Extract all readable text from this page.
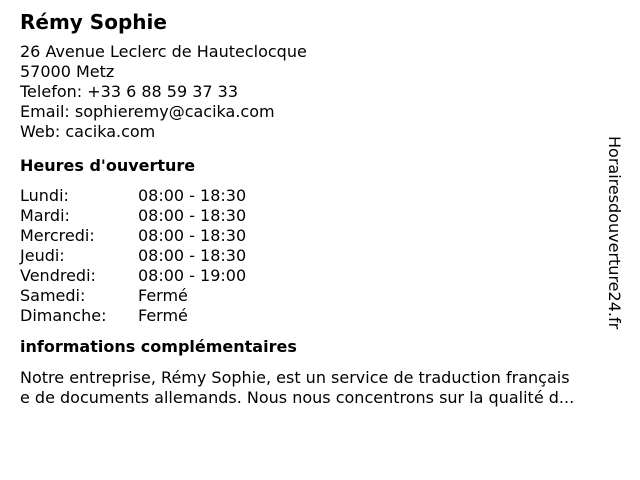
Rémy Sophie
26 Avenue Leclerc de Hauteclocque
57000 Metz
Telefon: +33 6 88 59 37 33
Email: sophieremy@cacika.com
Web: cacika.com
Heures d'ouverture
Lundi:	08:00 - 18:30
Mardi:	08:00 - 18:30
Mercredi:	08:00 - 18:30
Jeudi:	08:00 - 18:30
Vendredi:	08:00 - 19:00
Samedi:	Fermé
Dimanche:	Fermé
informations complémentaires
Notre entreprise, Rémy Sophie, est un service de traduction français
e de documents allemands. Nous nous concentrons sur la qualité d...
Horairesdouverture24.fr
